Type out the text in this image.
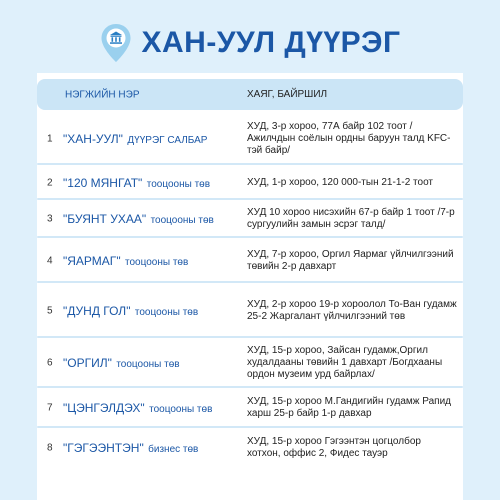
ХАН-УУЛ ДҮҮРЭГ
НЭГЖИЙН НЭР	ХАЯГ, БАЙРШИЛ
1 "ХАН-УУЛ" ДҮҮРЭГ САЛБАР
ХУД, 3-р хороо, 77А байр 102 тоот / Ажилчдын соёлын ордны баруун талд KFC-тэй байр/
2 "120 МЯНГАТ" тооцооны төв	ХУД, 1-р хороо, 120 000-тын 21-1-2 тоот
3 "БУЯНТ УХАА" тооцооны төв
ХУД 10 хороо нисэхийн 67-р байр 1 тоот /7-р сургуулийн замын эсрэг талд/
4 "ЯАРМАГ" тооцооны төв
ХУД, 7-р хороо, Оргил Яармаг үйлчилгээний төвийн 2-р давхарт
5 "ДУНД ГОЛ" тооцооны төв
ХУД, 2-р хороо 19-р хороолол То-Ван гудамж 25-2 Жаргалант үйлчилгээний төв
6 "ОРГИЛ" тооцооны төв
ХУД, 15-р хороо, Зайсан гудамж,Оргил худалдааны төвийн 1 давхарт /Богдхааны ордон музеим урд байрлах/
7 "ЦЭНГЭЛДЭХ" тооцооны төв
ХУД, 15-р хороо М.Гандигийн гудамж Рапид харш 25-р байр 1-р давхар
8 "ГЭГЭЭНТЭН" бизнес төв
ХУД, 15-р хороо Гэгээнтэн цогцолбор хотхон, оффис 2, Фидес тауэр
